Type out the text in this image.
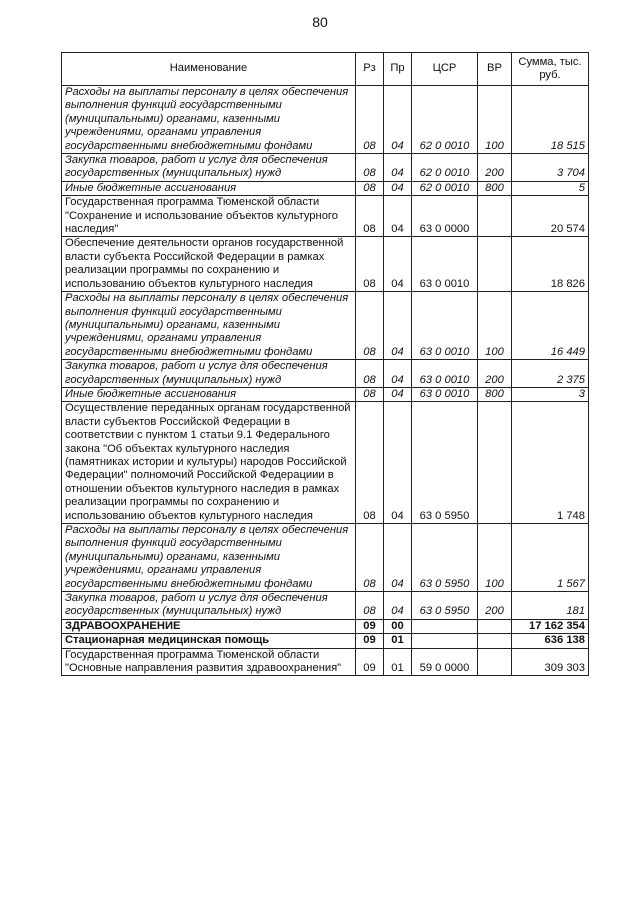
80
Наименование	Рз	Пр	ЦСР	ВР	Сумма, тыс. руб.
Расходы на выплаты персоналу в целях обеспечения выполнения функций государственными (муниципальными) органами, казенными учреждениями, органами управления государственными внебюджетными фондами	08	04	62 0 0010	100	18 515
Закупка товаров, работ и услуг для обеспечения государственных (муниципальных) нужд	08	04	62 0 0010	200	3 704
Иные бюджетные ассигнования	08	04	62 0 0010	800	5
Государственная программа Тюменской области "Сохранение и использование объектов культурного наследия"	08	04	63 0 0000		20 574
Обеспечение деятельности органов государственной власти субъекта Российской Федерации в рамках реализации программы по сохранению и использованию объектов культурного наследия	08	04	63 0 0010		18 826
Расходы на выплаты персоналу в целях обеспечения выполнения функций государственными (муниципальными) органами, казенными учреждениями, органами управления государственными внебюджетными фондами	08	04	63 0 0010	100	16 449
Закупка товаров, работ и услуг для обеспечения государственных (муниципальных) нужд	08	04	63 0 0010	200	2 375
Иные бюджетные ассигнования	08	04	63 0 0010	800	3
Осуществление переданных органам государственной власти субъектов Российской Федерации в соответствии с пунктом 1 статьи 9.1 Федерального закона "Об объектах культурного наследия (памятниках истории и культуры) народов Российской Федерации" полномочий Российской Федерациии в отношении объектов культурного наследия в рамках реализации программы по сохранению и использованию объектов культурного наследия	08	04	63 0 5950		1 748
Расходы на выплаты персоналу в целях обеспечения выполнения функций государственными (муниципальными) органами, казенными учреждениями, органами управления государственными внебюджетными фондами	08	04	63 0 5950	100	1 567
Закупка товаров, работ и услуг для обеспечения государственных (муниципальных) нужд	08	04	63 0 5950	200	181
ЗДРАВООХРАНЕНИЕ	09	00			17 162 354
Стационарная медицинская помощь	09	01			636 138
Государственная программа Тюменской области "Основные направления развития здравоохранения"	09	01	59 0 0000		309 303
